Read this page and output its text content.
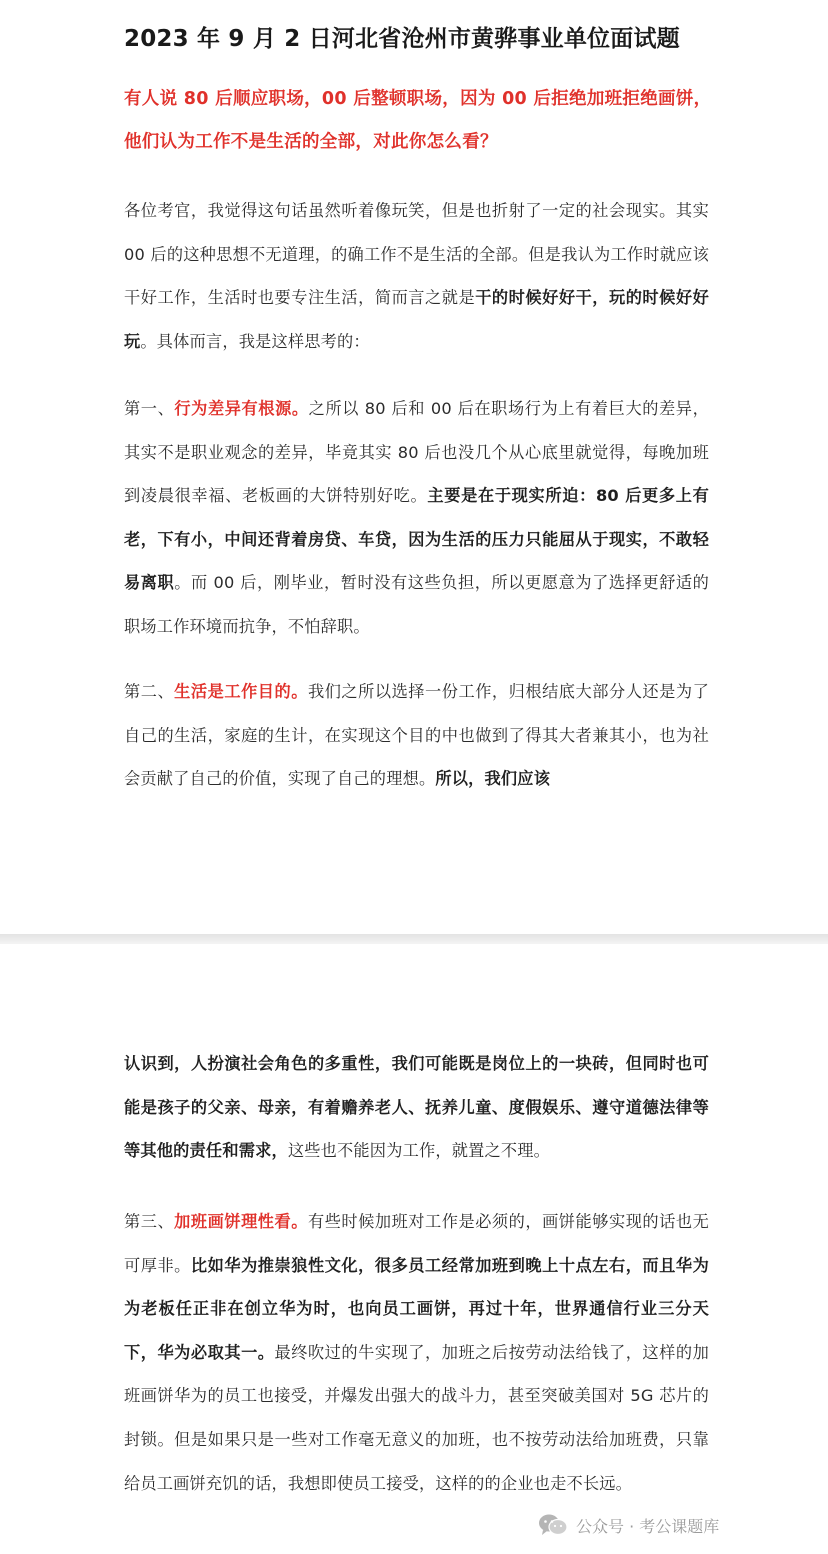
2023 年 9 月 2 日河北省沧州市黄骅事业单位面试题
有人说 80 后顺应职场，00 后整顿职场，因为 00 后拒绝加班拒绝画饼，他们认为工作不是生活的全部，对此你怎么看？
各位考官，我觉得这句话虽然听着像玩笑，但是也折射了一定的社会现实。其实 00 后的这种思想不无道理，的确工作不是生活的全部。但是我认为工作时就应该干好工作，生活时也要专注生活，简而言之就是干的时候好好干，玩的时候好好玩。具体而言，我是这样思考的：
第一、行为差异有根源。之所以 80 后和 00 后在职场行为上有着巨大的差异，其实不是职业观念的差异，毕竟其实 80 后也没几个从心底里就觉得，每晚加班到凌晨很幸福、老板画的大饼特别好吃。主要是在于现实所迫：80 后更多上有老，下有小，中间还背着房贷、车贷，因为生活的压力只能屈从于现实，不敢轻易离职。而 00 后，刚毕业，暂时没有这些负担，所以更愿意为了选择更舒适的职场工作环境而抗争，不怕辞职。
第二、生活是工作目的。我们之所以选择一份工作，归根结底大部分人还是为了自己的生活，家庭的生计，在实现这个目的中也做到了得其大者兼其小，也为社会贡献了自己的价值，实现了自己的理想。所以，我们应该
认识到，人扮演社会角色的多重性，我们可能既是岗位上的一块砖，但同时也可能是孩子的父亲、母亲，有着赡养老人、抚养儿童、度假娱乐、遵守道德法律等等其他的责任和需求，这些也不能因为工作，就置之不理。
第三、加班画饼理性看。有些时候加班对工作是必须的，画饼能够实现的话也无可厚非。比如华为推崇狼性文化，很多员工经常加班到晚上十点左右，而且华为为老板任正非在创立华为时，也向员工画饼，再过十年，世界通信行业三分天下，华为必取其一。最终吹过的牛实现了，加班之后按劳动法给钱了，这样的加班画饼华为的员工也接受，并爆发出强大的战斗力，甚至突破美国对 5G 芯片的封锁。但是如果只是一些对工作毫无意义的加班，也不按劳动法给加班费，只靠给员工画饼充饥的话，我想即使员工接受，这样的的企业也走不长远。
公众号 · 考公课题库
